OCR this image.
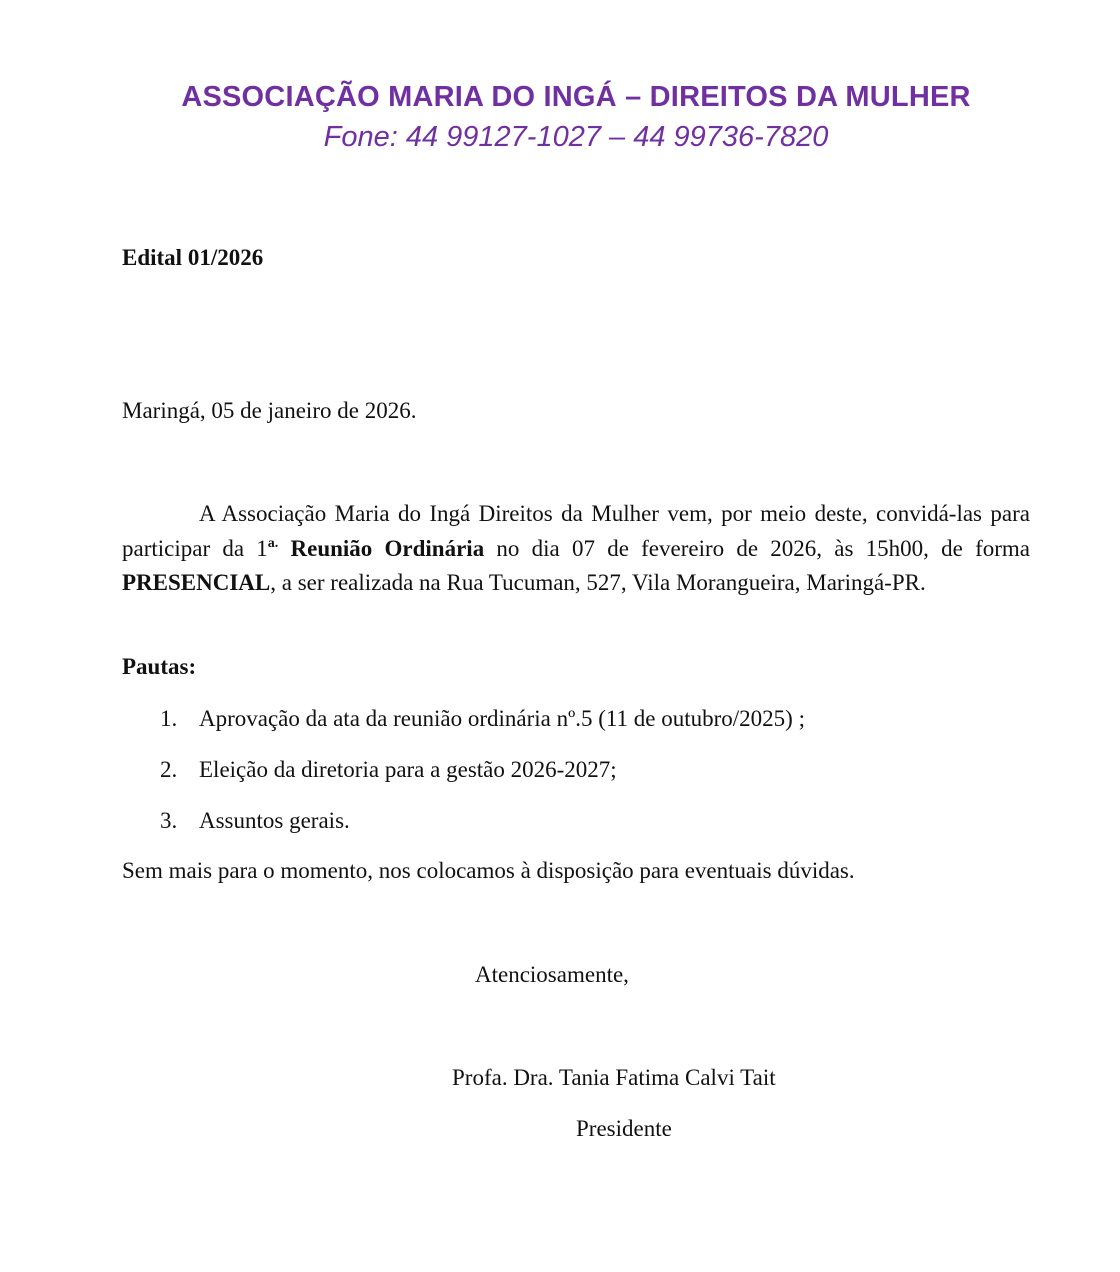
ASSOCIAÇÃO MARIA DO INGÁ – DIREITOS DA MULHER

Fone: 44 99127-1027 – 44 99736-7820

Edital 01/2026
Maringá, 05 de janeiro de 2026.
A Associação Maria do Ingá Direitos da Mulher vem, por meio deste, convidá-las para participar da $1^{a.}$ Reunião Ordinária no dia 07 de fevereiro de 2026, às 15h00, de forma PRESENCIAL, a ser realizada na Rua Tucuman, 527, Vila Morangueira, Maringá-PR.
Pautas:
1. Aprovação da ata da reunião ordinária nº.5 (11 de outubro/2025) ;
2. Eleição da diretoria para a gestão 2026-2027;
3. Assuntos gerais.
Sem mais para o momento, nos colocamos à disposição para eventuais dúvidas.
Atenciosamente,
Profa. Dra. Tania Fatima Calvi Tait
Presidente
